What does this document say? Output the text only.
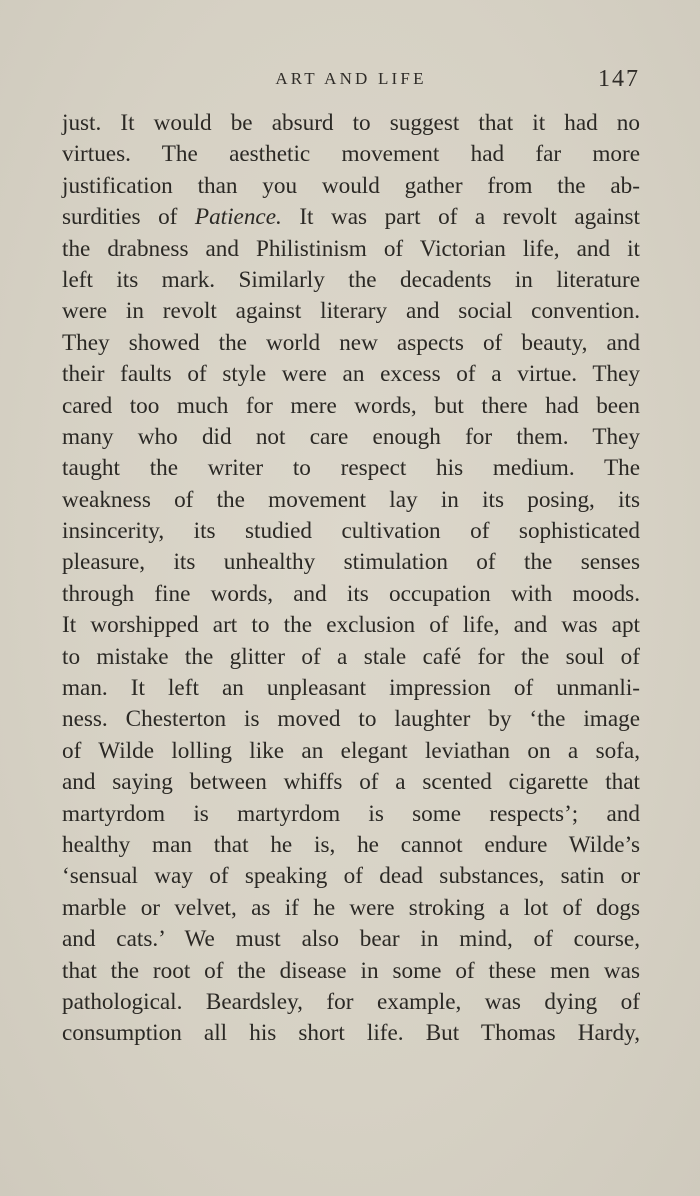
ART AND LIFE	147
just. It would be absurd to suggest that it had no
virtues. The aesthetic movement had far more
justification than you would gather from the ab-
surdities of Patience. It was part of a revolt against
the drabness and Philistinism of Victorian life, and it
left its mark. Similarly the decadents in literature
were in revolt against literary and social convention.
They showed the world new aspects of beauty, and
their faults of style were an excess of a virtue. They
cared too much for mere words, but there had been
many who did not care enough for them. They
taught the writer to respect his medium. The
weakness of the movement lay in its posing, its
insincerity, its studied cultivation of sophisticated
pleasure, its unhealthy stimulation of the senses
through fine words, and its occupation with moods.
It worshipped art to the exclusion of life, and was apt
to mistake the glitter of a stale café for the soul of
man. It left an unpleasant impression of unmanli-
ness. Chesterton is moved to laughter by ‘the image
of Wilde lolling like an elegant leviathan on a sofa,
and saying between whiffs of a scented cigarette that
martyrdom is martyrdom is some respects’; and
healthy man that he is, he cannot endure Wilde’s
‘sensual way of speaking of dead substances, satin or
marble or velvet, as if he were stroking a lot of dogs
and cats.’ We must also bear in mind, of course,
that the root of the disease in some of these men was
pathological. Beardsley, for example, was dying of
consumption all his short life. But Thomas Hardy,
